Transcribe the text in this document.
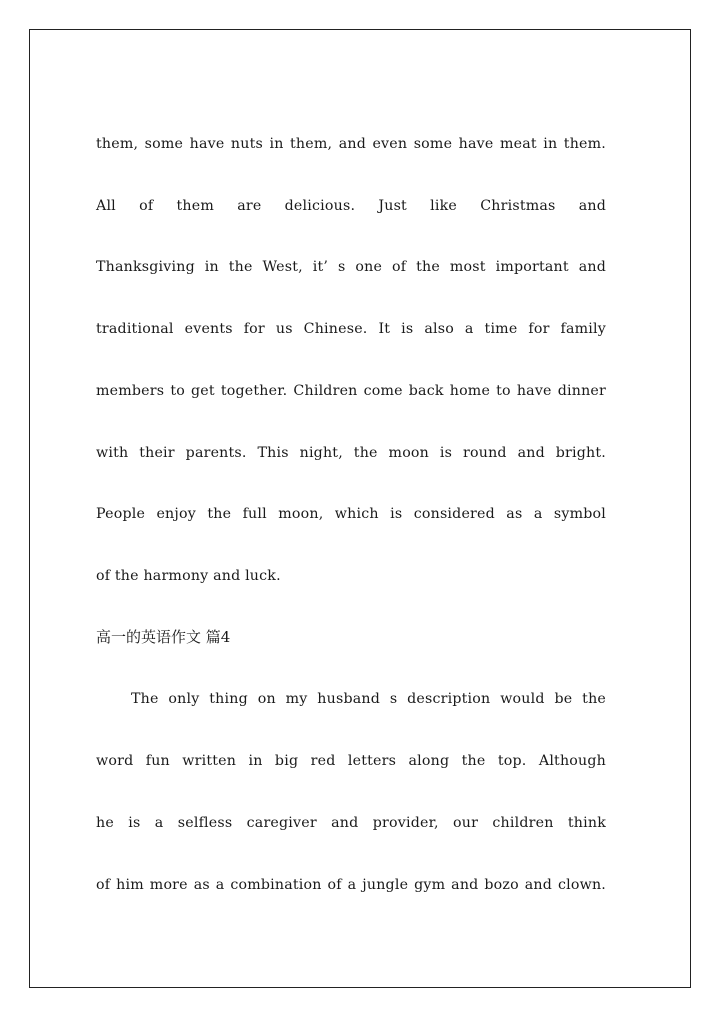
them, some have nuts in them, and even some have meat in them.
All of them are delicious. Just like Christmas and
Thanksgiving in the West, it’ s one of the most important and
traditional events for us Chinese. It is also a time for family
members to get together. Children come back home to have dinner
with their parents. This night, the moon is round and bright.
People enjoy the full moon, which is considered as a symbol
of the harmony and luck.
高一的英语作文 篇4
The only thing on my husband s description would be the
word fun written in big red letters along the top. Although
he is a selfless caregiver and provider, our children think
of him more as a combination of a jungle gym and bozo and clown.
